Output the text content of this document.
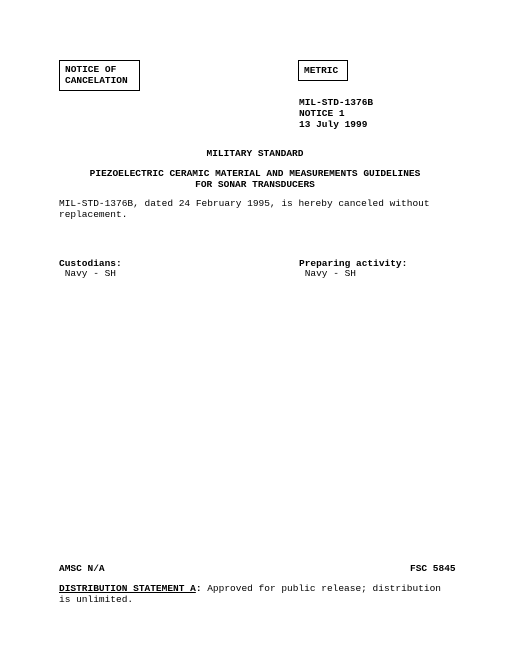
NOTICE OF
CANCELATION
METRIC
MIL-STD-1376B
NOTICE 1
13 July 1999
MILITARY STANDARD
PIEZOELECTRIC CERAMIC MATERIAL AND MEASUREMENTS GUIDELINES
FOR SONAR TRANSDUCERS
MIL-STD-1376B, dated 24 February 1995, is hereby canceled without
replacement.
Custodians:
Navy - SH
Preparing activity:
Navy - SH
AMSC N/A	FSC 5845
DISTRIBUTION STATEMENT A: Approved for public release; distribution
is unlimited.
